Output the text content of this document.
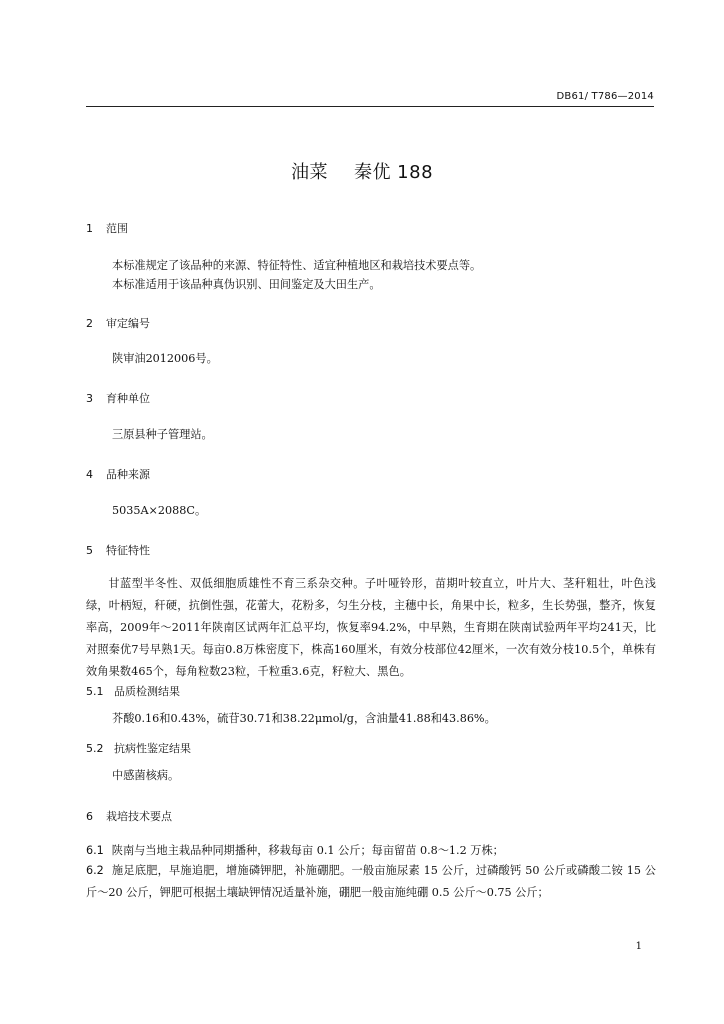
DB61/ T786—2014
油菜 秦优 188
1 范围
本标准规定了该品种的来源、特征特性、适宜种植地区和栽培技术要点等。
本标准适用于该品种真伪识别、田间鉴定及大田生产。
2 审定编号
陕审油2012006号。
3 育种单位
三原县种子管理站。
4 品种来源
5035A×2088C。
5 特征特性
甘蓝型半冬性、双低细胞质雄性不育三系杂交种。子叶哑铃形，苗期叶较直立，叶片大、茎秆粗壮，叶色浅绿，叶柄短，秆硬，抗倒性强，花蕾大，花粉多，匀生分枝，主穗中长，角果中长，粒多，生长势强，整齐，恢复率高，2009年～2011年陕南区试两年汇总平均，恢复率94.2%，中早熟，生育期在陕南试验两年平均241天，比对照秦优7号早熟1天。每亩0.8万株密度下，株高160厘米，有效分枝部位42厘米，一次有效分枝10.5个，单株有效角果数465个，每角粒数23粒，千粒重3.6克，籽粒大、黑色。
5.1 品质检测结果
芥酸0.16和0.43%，硫苷30.71和38.22μmol/g，含油量41.88和43.86%。
5.2 抗病性鉴定结果
中感菌核病。
6 栽培技术要点
6.1 陕南与当地主栽品种同期播种，移栽每亩 0.1 公斤；每亩留苗 0.8～1.2 万株；
6.2 施足底肥，早施追肥，增施磷钾肥，补施硼肥。一般亩施尿素 15 公斤，过磷酸钙 50 公斤或磷酸二铵 15 公斤～20 公斤，钾肥可根据土壤缺钾情况适量补施，硼肥一般亩施纯硼 0.5 公斤～0.75 公斤；
1
